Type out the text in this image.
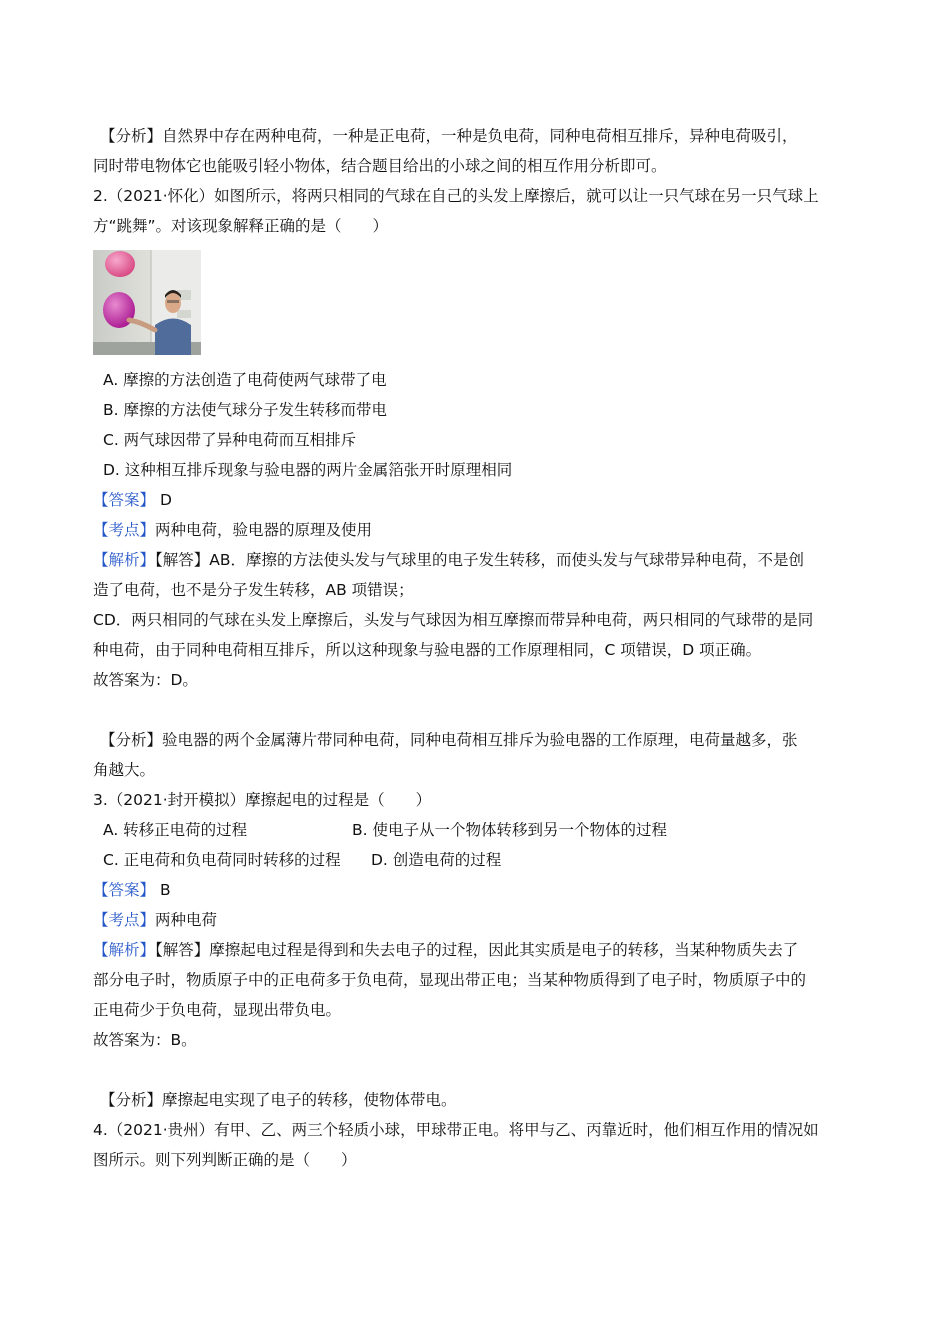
【分析】自然界中存在两种电荷，一种是正电荷，一种是负电荷，同种电荷相互排斥，异种电荷吸引，
同时带电物体它也能吸引轻小物体，结合题目给出的小球之间的相互作用分析即可。
2.（2021·怀化）如图所示，将两只相同的气球在自己的头发上摩擦后，就可以让一只气球在另一只气球上
方“跳舞”。对该现象解释正确的是（　　）
A. 摩擦的方法创造了电荷使两气球带了电
B. 摩擦的方法使气球分子发生转移而带电
C. 两气球因带了异种电荷而互相排斥
D. 这种相互排斥现象与验电器的两片金属箔张开时原理相同
【答案】 D
【考点】两种电荷，验电器的原理及使用
【解析】【解答】AB．摩擦的方法使头发与气球里的电子发生转移，而使头发与气球带异种电荷，不是创
造了电荷，也不是分子发生转移，AB 项错误；
CD．两只相同的气球在头发上摩擦后，头发与气球因为相互摩擦而带异种电荷，两只相同的气球带的是同
种电荷，由于同种电荷相互排斥，所以这种现象与验电器的工作原理相同，C 项错误，D 项正确。
故答案为：D。
【分析】验电器的两个金属薄片带同种电荷，同种电荷相互排斥为验电器的工作原理，电荷量越多，张
角越大。
3.（2021·封开模拟）摩擦起电的过程是（　　）
A. 转移正电荷的过程	B. 使电子从一个物体转移到另一个物体的过程
C. 正电荷和负电荷同时转移的过程 D. 创造电荷的过程
【答案】 B
【考点】两种电荷
【解析】【解答】摩擦起电过程是得到和失去电子的过程，因此其实质是电子的转移，当某种物质失去了
部分电子时，物质原子中的正电荷多于负电荷，显现出带正电；当某种物质得到了电子时，物质原子中的
正电荷少于负电荷，显现出带负电。
故答案为：B。
【分析】摩擦起电实现了电子的转移，使物体带电。
4.（2021·贵州）有甲、乙、两三个轻质小球，甲球带正电。将甲与乙、丙靠近时，他们相互作用的情况如
图所示。则下列判断正确的是（　　）
